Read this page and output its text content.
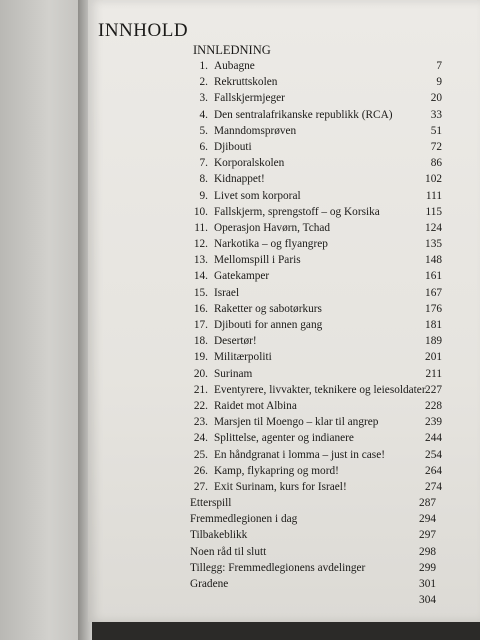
INNHOLD
INNLEDNING
1. Aubagne	7
2. Rekruttskolen	9
3. Fallskjermjeger	20
4. Den sentralafrikanske republikk (RCA)	33
5. Manndomsprøven	51
6. Djibouti	72
7. Korporalskolen	86
8. Kidnappet!	102
9. Livet som korporal	111
10. Fallskjerm, sprengstoff – og Korsika	115
11. Operasjon Havørn, Tchad	124
12. Narkotika – og flyangrep	135
13. Mellomspill i Paris	148
14. Gatekamper	161
15. Israel	167
16. Raketter og sabotørkurs	176
17. Djibouti for annen gang	181
18. Desertør!	189
19. Militærpoliti	201
20. Surinam	211
21. Eventyrere, livvakter, teknikere og leiesoldater 227
22. Raidet mot Albina	228
23. Marsjen til Moengo – klar til angrep	239
24. Splittelse, agenter og indianere	244
25. En håndgranat i lomma – just in case!	254
26. Kamp, flykapring og mord!	264
27. Exit Surinam, kurs for Israel!	274
Etterspill	287
Fremmedlegionen i dag	294
Tilbakeblikk	297
Noen råd til slutt	298
Tillegg: Fremmedlegionens avdelinger	299
Gradene	301
304
